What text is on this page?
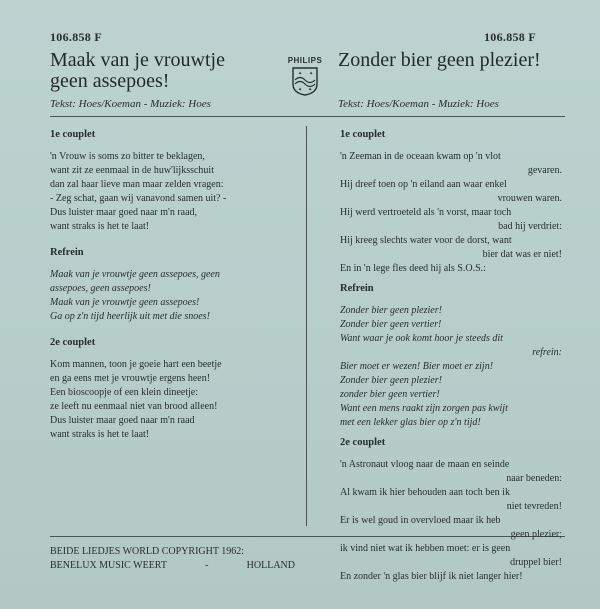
106.858 F	106.858 F
Maak van je vrouwtje
geen assepoes!
Zonder bier geen plezier!
Tekst: Hoes/Koeman - Muziek: Hoes	Tekst: Hoes/Koeman - Muziek: Hoes
PHILIPS
✦ ✦
✦ ✦
1e couplet
'n Vrouw is soms zo bitter te beklagen,
want zit ze eenmaal in de huw'lijksschuit
dan zal haar lieve man maar zelden vragen:
- Zeg schat, gaan wij vanavond samen uit? -
Dus luister maar goed naar m'n raad,
want straks is het te laat!
Refrein
Maak van je vrouwtje geen assepoes, geen
assepoes, geen assepoes!
Maak van je vrouwtje geen assepoes!
Ga op z'n tijd heerlijk uit met die snoes!
2e couplet
Kom mannen, toon je goeie hart een beetje
en ga eens met je vrouwtje ergens heen!
Een bioscoopje of een klein dineetje:
ze leeft nu eenmaal niet van brood alleen!
Dus luister maar goed naar m'n raad
want straks is het te laat!
1e couplet
'n Zeeman in de oceaan kwam op 'n vlot
gevaren.
Hij dreef toen op 'n eiland aan waar enkel
vrouwen waren.
Hij werd vertroeteld als 'n vorst, maar toch
bad hij verdriet:
Hij kreeg slechts water voor de dorst, want
bier dat was er niet!
En in 'n lege fles deed hij als S.O.S.:
Refrein
Zonder bier geen plezier!
Zonder bier geen vertier!
Want waar je ook komt hoor je steeds dit
refrein:
Bier moet er wezen! Bier moet er zijn!
Zonder bier geen plezier!
zonder bier geen vertier!
Want een mens raakt zijn zorgen pas kwijt
met een lekker glas bier op z'n tijd!
2e couplet
'n Astronaut vloog naar de maan en seinde
naar beneden:
Al kwam ik hier behouden aan toch ben ik
niet tevreden!
Er is wel goud in overvloed maar ik heb
geen plezier;
ik vind niet wat ik hebben moet: er is geen
druppel bier!
En zonder 'n glas bier blijf ik niet langer hier!
BEIDE LIEDJES WORLD COPYRIGHT 1962:
BENELUX MUSIC WEERT	-	HOLLAND
